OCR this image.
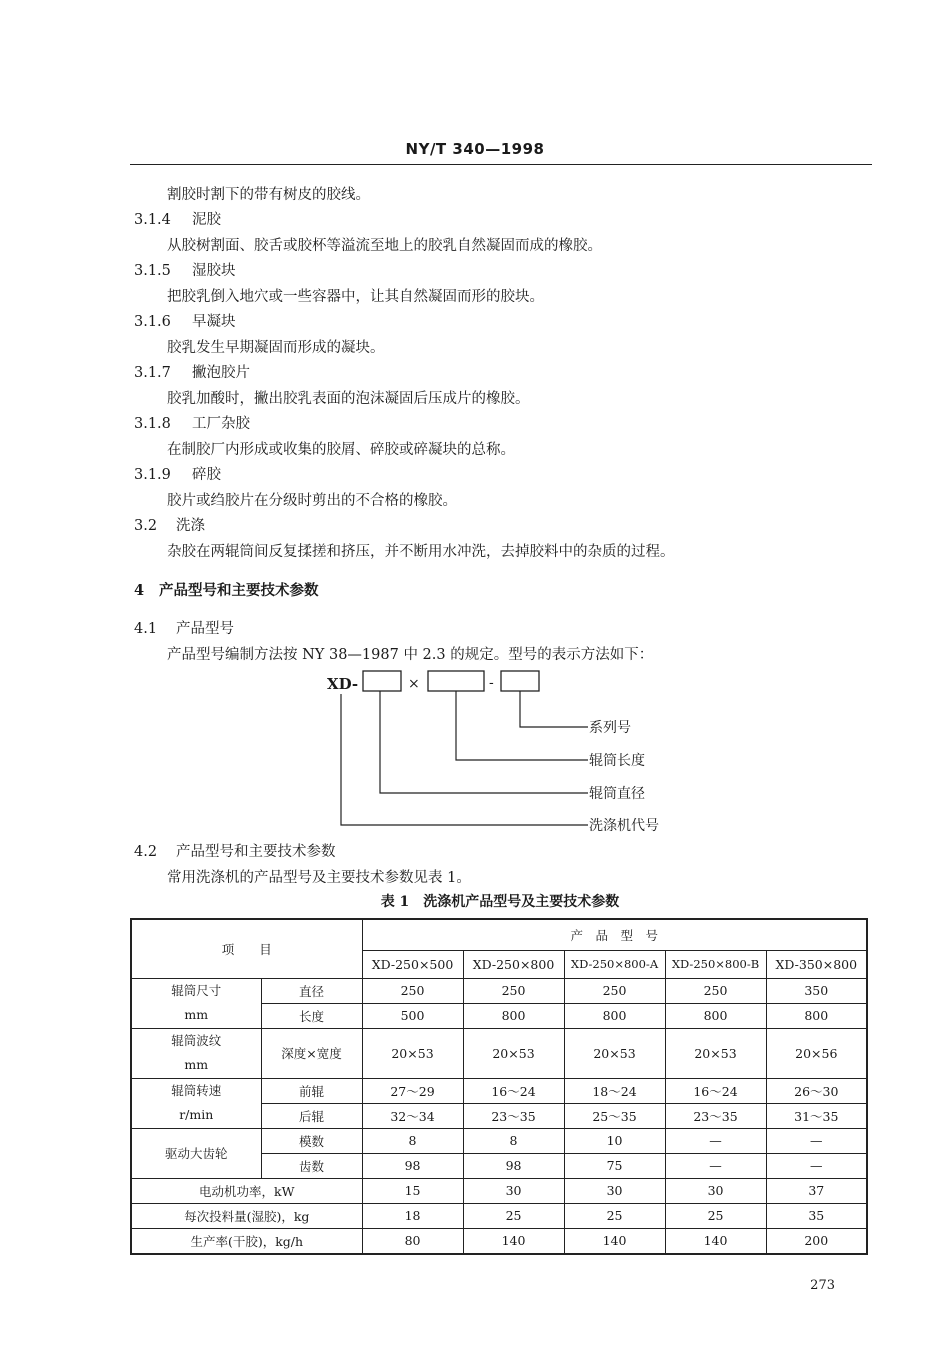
NY/T 340—1998
割胶时割下的带有树皮的胶线。
3.1.4 泥胶
从胶树割面、胶舌或胶杯等溢流至地上的胶乳自然凝固而成的橡胶。
3.1.5 湿胶块
把胶乳倒入地穴或一些容器中，让其自然凝固而形的胶块。
3.1.6 早凝块
胶乳发生早期凝固而形成的凝块。
3.1.7 撇泡胶片
胶乳加酸时，撇出胶乳表面的泡沫凝固后压成片的橡胶。
3.1.8 工厂杂胶
在制胶厂内形成或收集的胶屑、碎胶或碎凝块的总称。
3.1.9 碎胶
胶片或绉胶片在分级时剪出的不合格的橡胶。
3.2 洗涤
杂胶在两辊筒间反复揉搓和挤压，并不断用水冲洗，去掉胶料中的杂质的过程。
4 产品型号和主要技术参数
4.1 产品型号
产品型号编制方法按 NY 38—1987 中 2.3 的规定。型号的表示方法如下：
XD-	×	-
系列号
辊筒长度
辊筒直径
洗涤机代号
4.2 产品型号和主要技术参数
常用洗涤机的产品型号及主要技术参数见表 1。
表 1　洗涤机产品型号及主要技术参数
项　　目		产　品　型　号				
		XD-250×500	XD-250×800	XD-250×800-A	XD-250×800-B	XD-350×800
辊筒尺寸
mm	直径	250	250	250	250	350
	长度	500	800	800	800	800
辊筒波纹
mm	深度×宽度	20×53	20×53	20×53	20×53	20×56
辊筒转速
r/min	前辊	27～29	16～24	18～24	16～24	26～30
	后辊	32～34	23～35	25～35	23～35	31～35
驱动大齿轮	模数	8	8	10	—	—
	齿数	98	98	75	—	—
电动机功率，kW		15	30	30	30	37
每次投料量(湿胶)，kg		18	25	25	25	35
生产率(干胶)，kg/h		80	140	140	140	200
273
